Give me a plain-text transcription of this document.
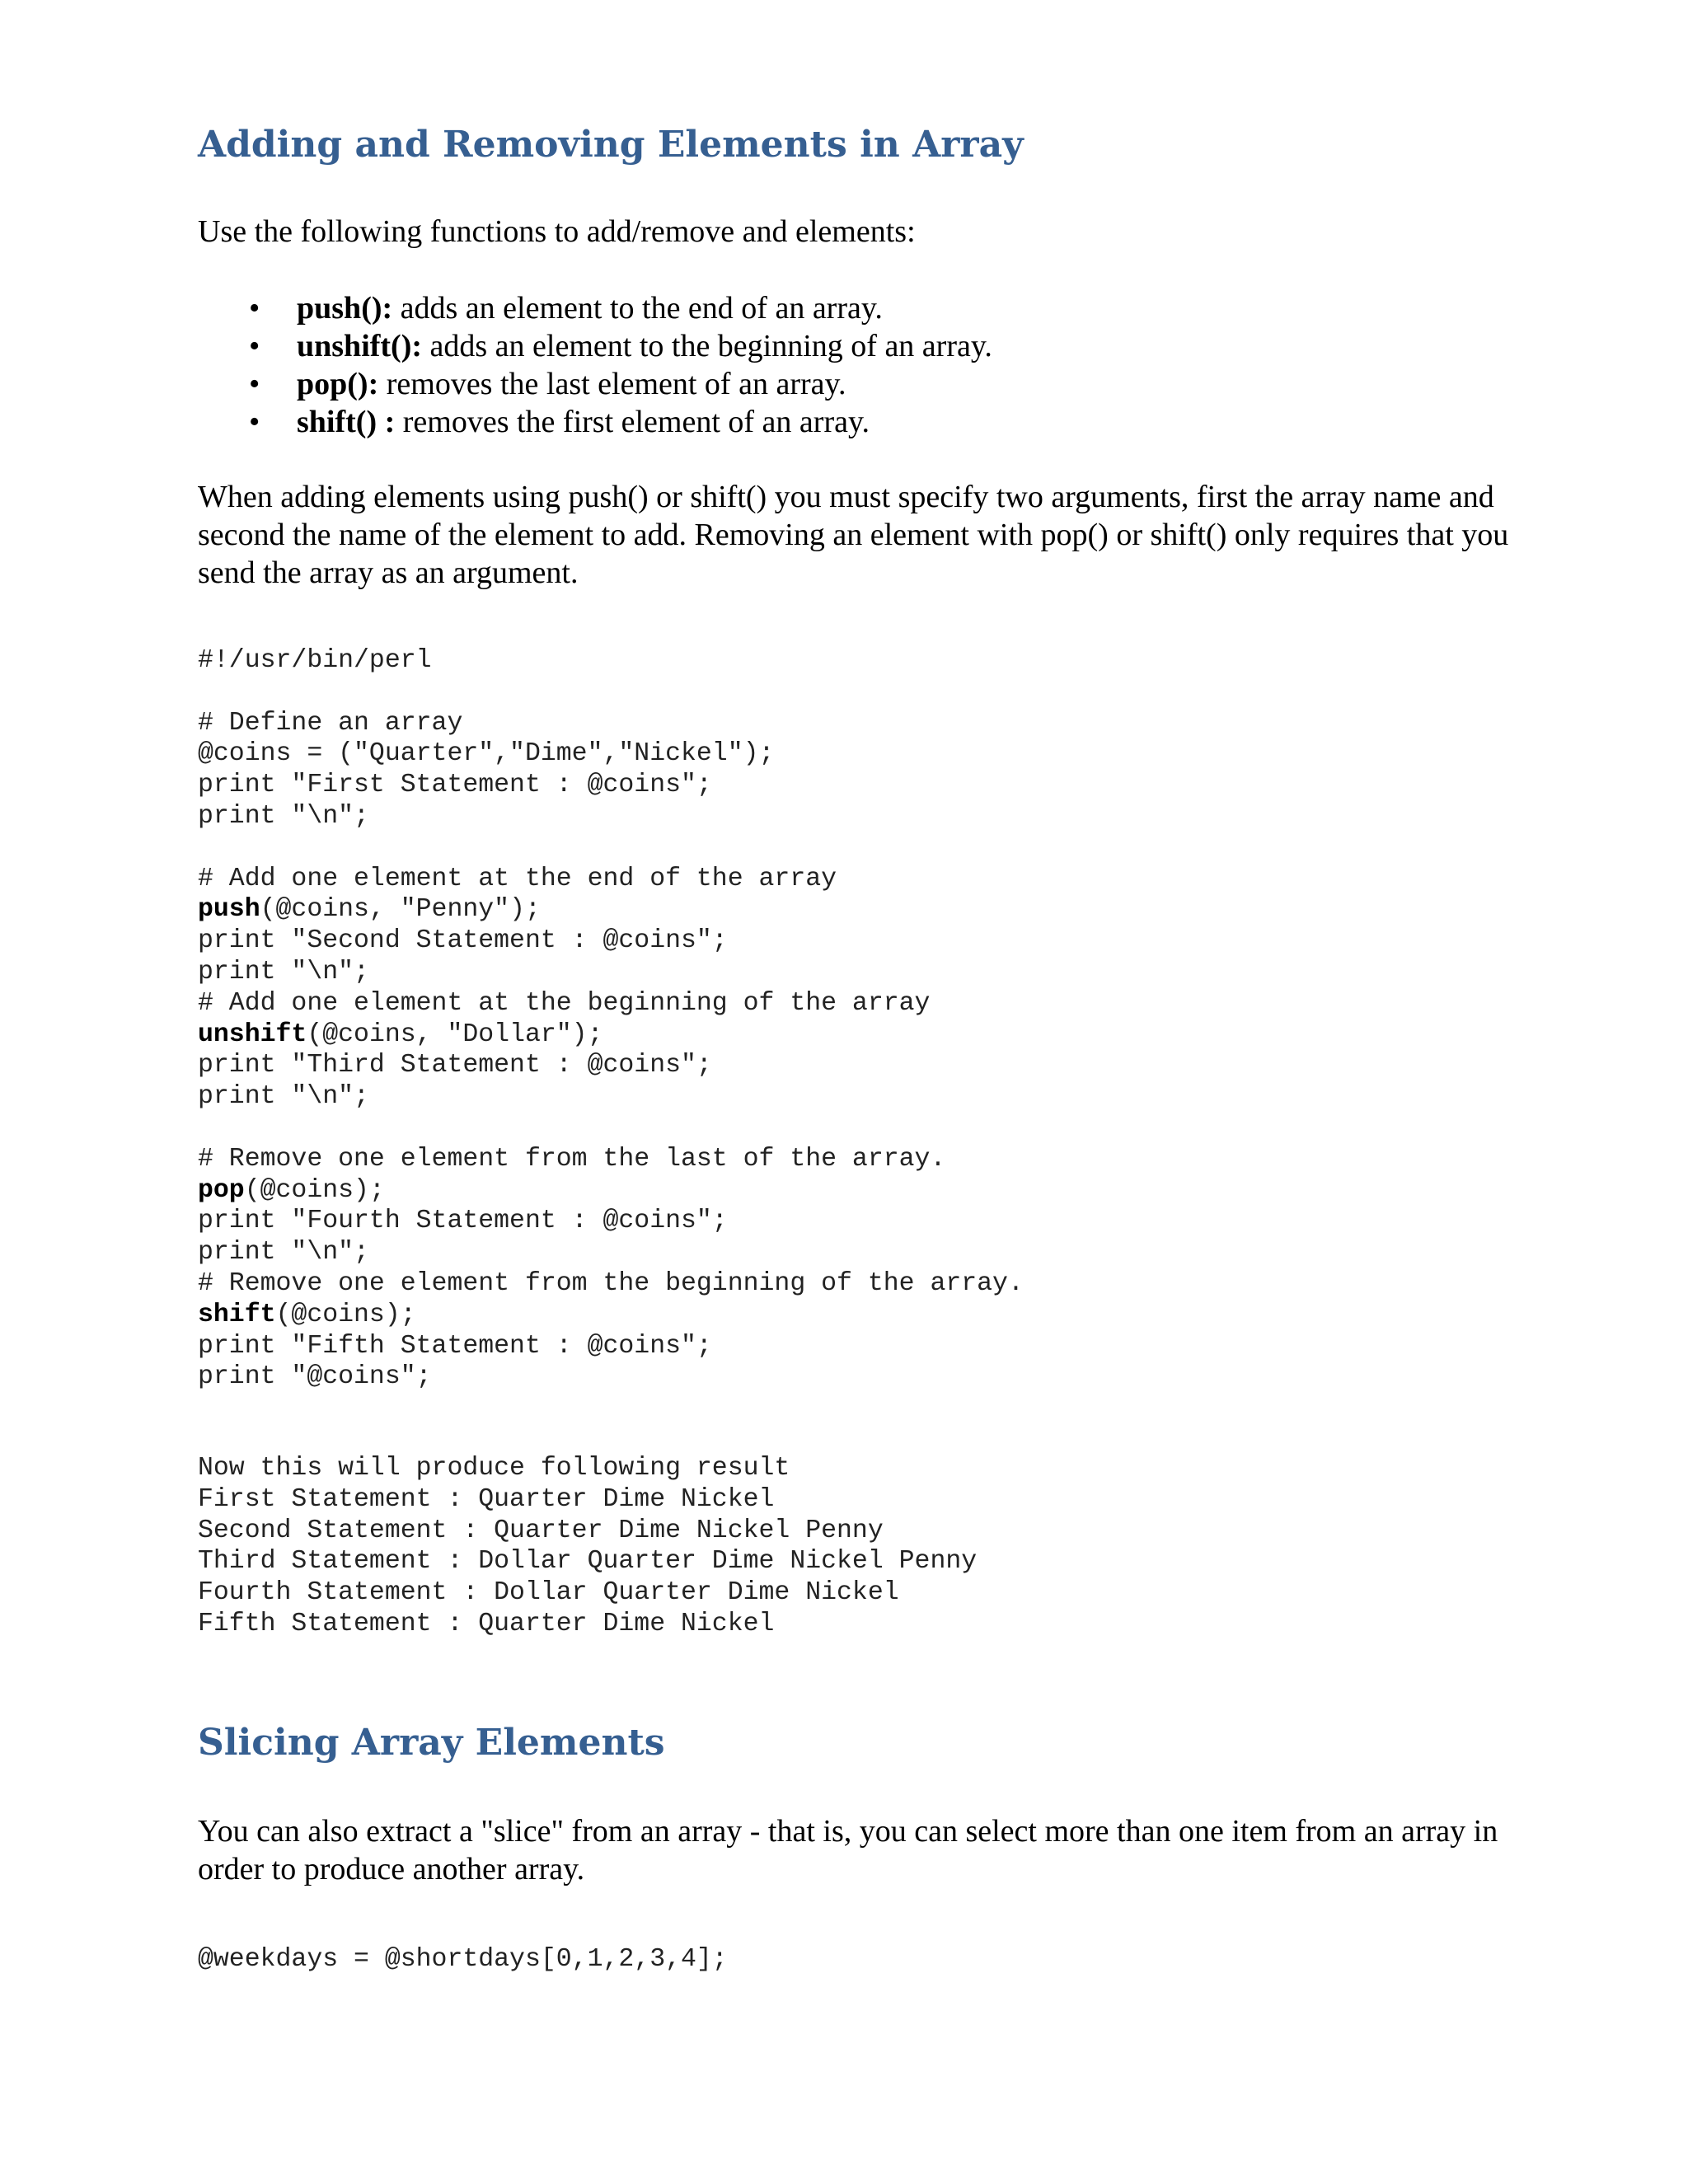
Adding and Removing Elements in Array

Use the following functions to add/remove and elements:

• push(): adds an element to the end of an array.
• unshift(): adds an element to the beginning of an array.
• pop(): removes the last element of an array.
• shift() : removes the first element of an array.

When adding elements using push() or shift() you must specify two arguments, first the array name and second the name of the element to add. Removing an element with pop() or shift() only requires that you send the array as an argument.

#!/usr/bin/perl
# Define an array
@coins = ("Quarter","Dime","Nickel");
print "First Statement : @coins";
print "\n";
# Add one element at the end of the array
push(@coins, "Penny");
print "Second Statement : @coins";
print "\n";
# Add one element at the beginning of the array
unshift(@coins, "Dollar");
print "Third Statement : @coins";
print "\n";
# Remove one element from the last of the array.
pop(@coins);
print "Fourth Statement : @coins";
print "\n";
# Remove one element from the beginning of the array.
shift(@coins);
print "Fifth Statement : @coins";
print "@coins";
Now this will produce following result
First Statement : Quarter Dime Nickel
Second Statement : Quarter Dime Nickel Penny
Third Statement : Dollar Quarter Dime Nickel Penny
Fourth Statement : Dollar Quarter Dime Nickel
Fifth Statement : Quarter Dime Nickel
Slicing Array Elements

You can also extract a "slice" from an array - that is, you can select more than one item from an array in order to produce another array.

@weekdays = @shortdays[0,1,2,3,4];
